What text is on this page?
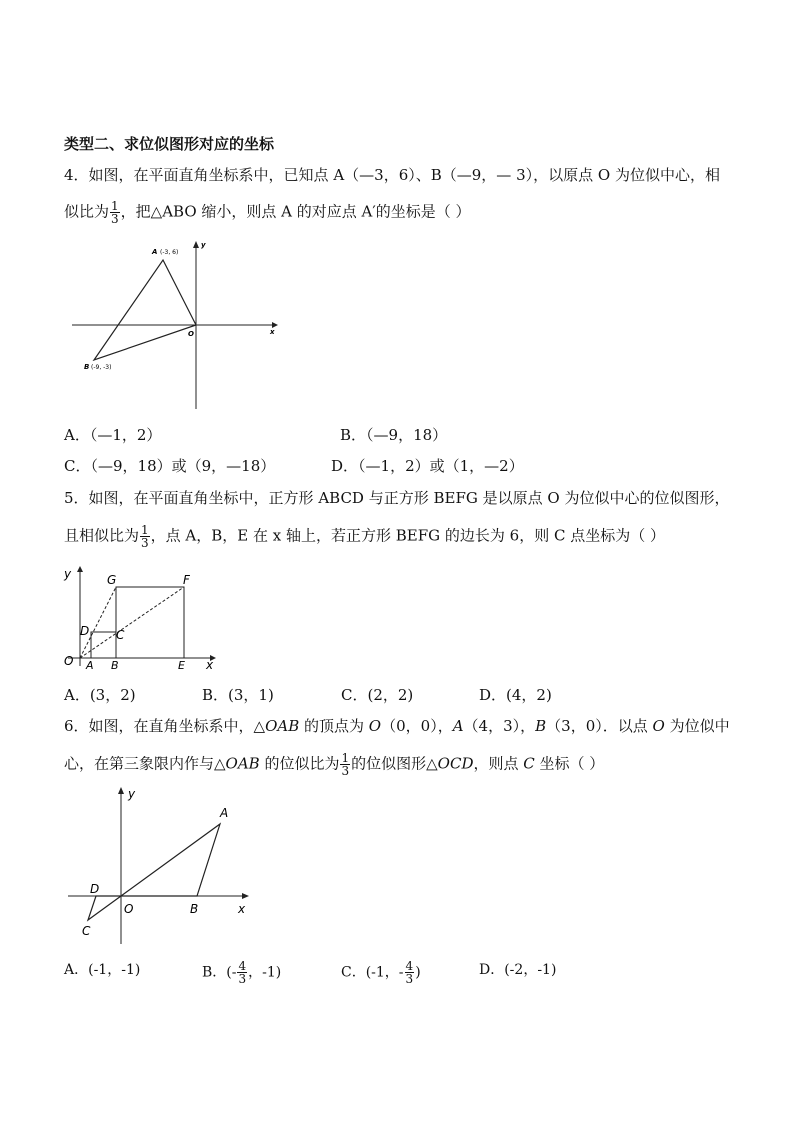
类型二、求位似图形对应的坐标
4．如图，在平面直角坐标系中，已知点 A（—3，6）、B（—9，— 3），以原点 O 为位似中心，相
似比为 $\frac{1}{3}$ ，把△ABO 缩小，则点 A 的对应点 A′的坐标是（ ）
A (-3, 6)
B (-9, -3)
O	x
y
A．（—1，2）	B．（—9，18）
C．（—9，18）或（9，—18）	D．（—1，2）或（1，—2）
5．如图，在平面直角坐标中，正方形 ABCD 与正方形 BEFG 是以原点 O 为位似中心的位似图形，
且相似比为 $\frac{1}{3}$ ，点 A，B，E 在 x 轴上，若正方形 BEFG 的边长为 6，则 C 点坐标为（ ）
y	G	F
D C
O A B	E x
A．(3，2)	B．(3，1)	C．(2，2)	D．(4，2)
6．如图，在直角坐标系中，△OAB 的顶点为 O（0，0），A（4，3），B（3，0）．以点 O 为位似中
心，在第三象限内作与△OAB 的位似比为 $\frac{1}{3}$ 的位似图形△OCD，则点 C 坐标（ ）
y
A
D
O	B	x
C
A．(-1，-1)	B．(- $\frac{4}{3}$ ，-1)	C．(-1，- $\frac{4}{3}$ )	D．(-2，-1)
